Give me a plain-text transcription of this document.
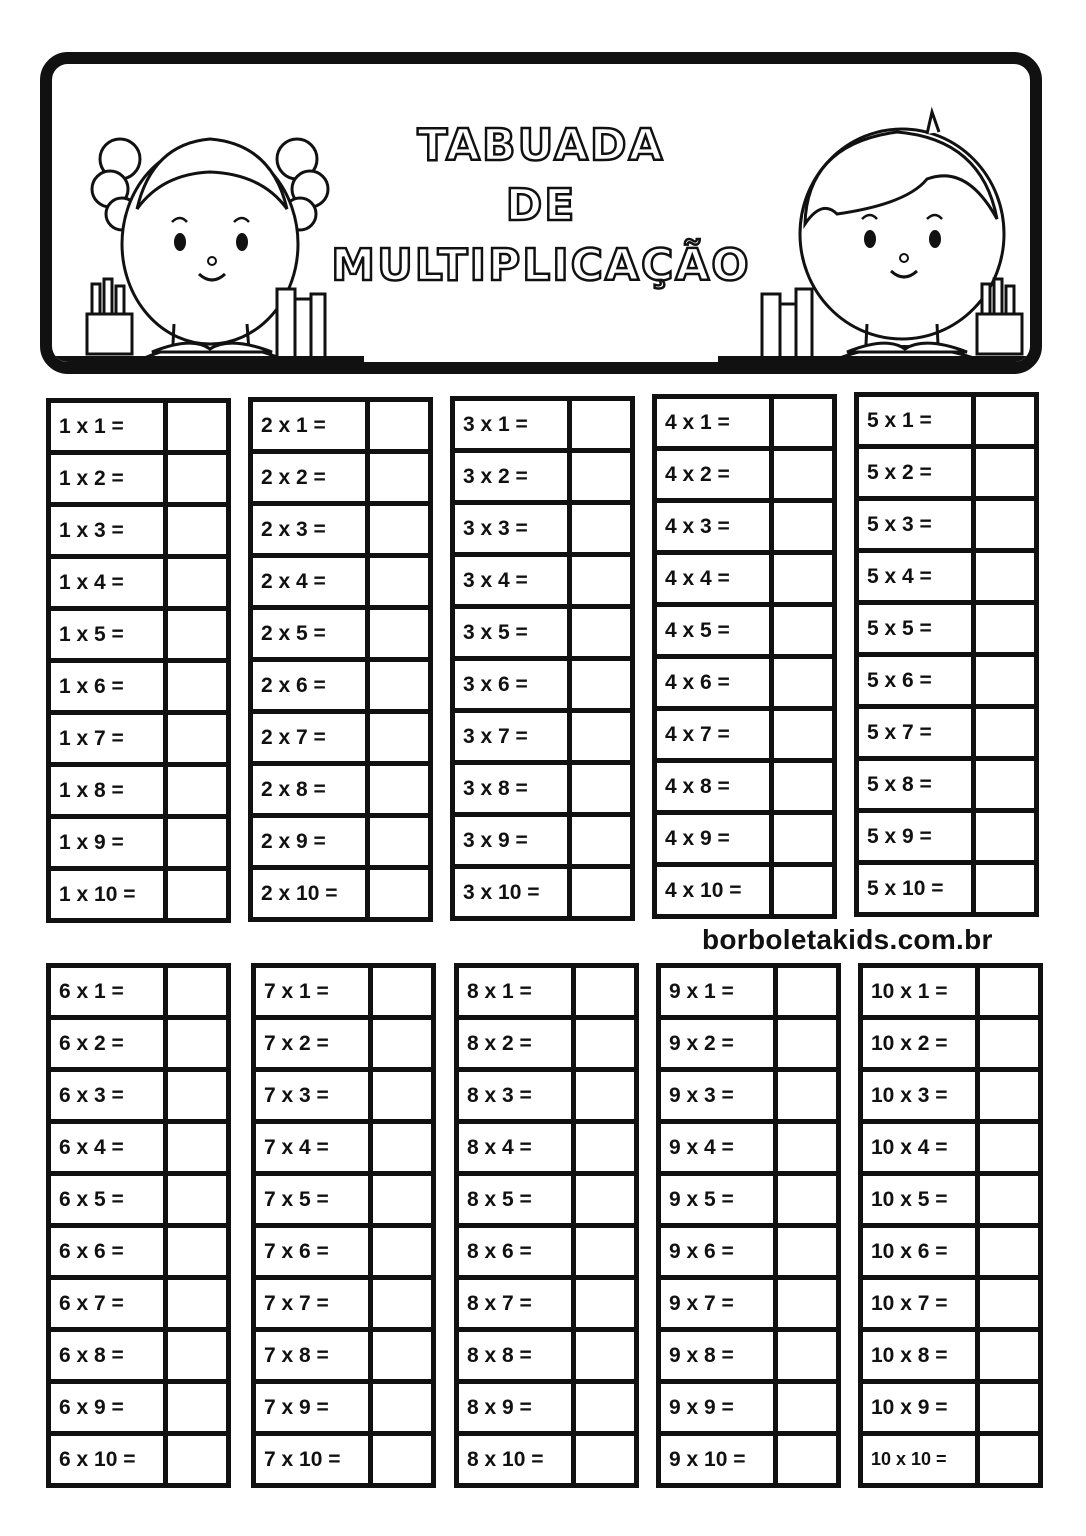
TABUADA
DE
MULTIPLICAÇÃO
1 x 1 =
1 x 2 =
1 x 3 =
1 x 4 =
1 x 5 =
1 x 6 =
1 x 7 =
1 x 8 =
1 x 9 =
1 x 10 =
2 x 1 =
2 x 2 =
2 x 3 =
2 x 4 =
2 x 5 =
2 x 6 =
2 x 7 =
2 x 8 =
2 x 9 =
2 x 10 =
3 x 1 =
3 x 2 =
3 x 3 =
3 x 4 =
3 x 5 =
3 x 6 =
3 x 7 =
3 x 8 =
3 x 9 =
3 x 10 =
4 x 1 =
4 x 2 =
4 x 3 =
4 x 4 =
4 x 5 =
4 x 6 =
4 x 7 =
4 x 8 =
4 x 9 =
4 x 10 =
5 x 1 =
5 x 2 =
5 x 3 =
5 x 4 =
5 x 5 =
5 x 6 =
5 x 7 =
5 x 8 =
5 x 9 =
5 x 10 =
6 x 1 =
6 x 2 =
6 x 3 =
6 x 4 =
6 x 5 =
6 x 6 =
6 x 7 =
6 x 8 =
6 x 9 =
6 x 10 =
7 x 1 =
7 x 2 =
7 x 3 =
7 x 4 =
7 x 5 =
7 x 6 =
7 x 7 =
7 x 8 =
7 x 9 =
7 x 10 =
8 x 1 =
8 x 2 =
8 x 3 =
8 x 4 =
8 x 5 =
8 x 6 =
8 x 7 =
8 x 8 =
8 x 9 =
8 x 10 =
9 x 1 =
9 x 2 =
9 x 3 =
9 x 4 =
9 x 5 =
9 x 6 =
9 x 7 =
9 x 8 =
9 x 9 =
9 x 10 =
10 x 1 =
10 x 2 =
10 x 3 =
10 x 4 =
10 x 5 =
10 x 6 =
10 x 7 =
10 x 8 =
10 x 9 =
10 x 10 =
borboletakids.com.br
